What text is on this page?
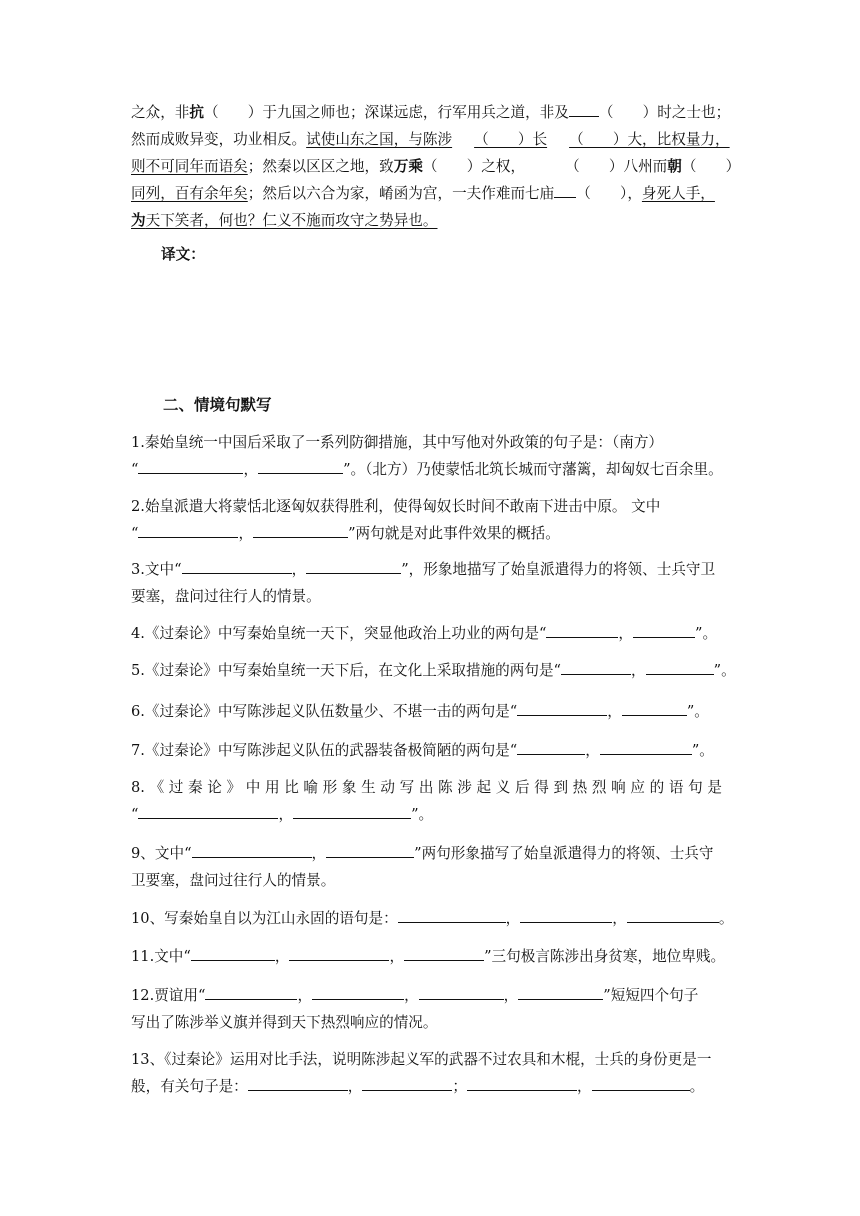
之众，非抗（　　）于九国之师也；深谋远虑，行军用兵之道，非及 （　　）时之士也；
然而成败异变，功业相反。试使山东之国，与陈涉 （　　）长 （　　）大，比权量力，
则不可同年而语矣；然秦以区区之地，致万乘（　　）之权，	（　　）八州而朝（　　）
同列，百有余年矣；然后以六合为家，崤函为宫，一夫作难而七庙 （　　），身死人手，
为天下笑者，何也？仁义不施而攻守之势异也。
译文：
二、情境句默写
1.秦始皇统一中国后采取了一系列防御措施，其中写他对外政策的句子是：（南方）
“	，	”。（北方）乃使蒙恬北筑长城而守藩篱，却匈奴七百余里。
2.始皇派遣大将蒙恬北逐匈奴获得胜利，使得匈奴长时间不敢南下进击中原。 文中
“	，	”两句就是对此事件效果的概括。
3.文中“	，	”，形象地描写了始皇派遣得力的将领、士兵守卫
要塞，盘问过往行人的情景。
4.《过秦论》中写秦始皇统一天下，突显他政治上功业的两句是“	，	”。
5.《过秦论》中写秦始皇统一天下后，在文化上采取措施的两句是“	，	”。
6.《过秦论》中写陈涉起义队伍数量少、不堪一击的两句是“	，	”。
7.《过秦论》中写陈涉起义队伍的武器装备极简陋的两句是“	，	”。
8. 《 过 秦 论 》 中 用 比 喻 形 象 生 动 写 出 陈 涉 起 义 后 得 到 热 烈 响 应 的 语 句 是
“	，	”。
9、文中“	，	”两句形象描写了始皇派遣得力的将领、士兵守
卫要塞，盘问过往行人的情景。
10、写秦始皇自以为江山永固的语句是：	，	，	。
11.文中“	，	，	”三句极言陈涉出身贫寒，地位卑贱。
12.贾谊用“	，	，	，	”短短四个句子
写出了陈涉举义旗并得到天下热烈响应的情况。
13、《过秦论》运用对比手法，说明陈涉起义军的武器不过农具和木棍，士兵的身份更是一
般，有关句子是：	，	；	，	。
